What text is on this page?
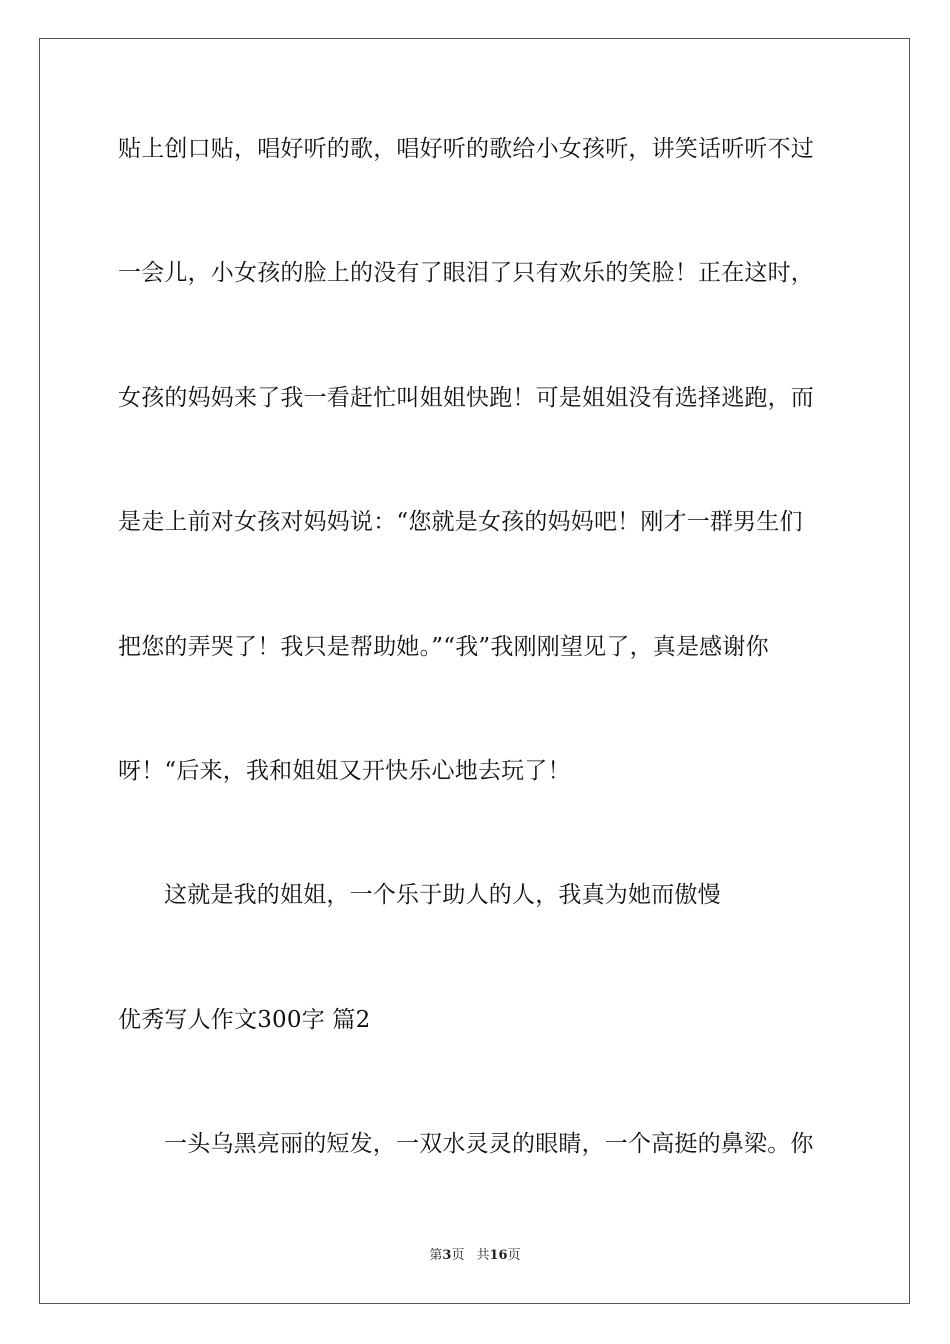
贴上创口贴，唱好听的歌，唱好听的歌给小女孩听，讲笑话听听不过
一会儿，小女孩的脸上的没有了眼泪了只有欢乐的笑脸！正在这时，
女孩的妈妈来了我一看赶忙叫姐姐快跑！可是姐姐没有选择逃跑，而
是走上前对女孩对妈妈说：“您就是女孩的妈妈吧！刚才一群男生们
把您的弄哭了！我只是帮助她。”“我”我刚刚望见了，真是感谢你
呀！“后来，我和姐姐又开快乐心地去玩了！
这就是我的姐姐，一个乐于助人的人，我真为她而傲慢
优秀写人作文300字 篇2
一头乌黑亮丽的短发，一双水灵灵的眼睛，一个高挺的鼻梁。你
第3页 共16页
